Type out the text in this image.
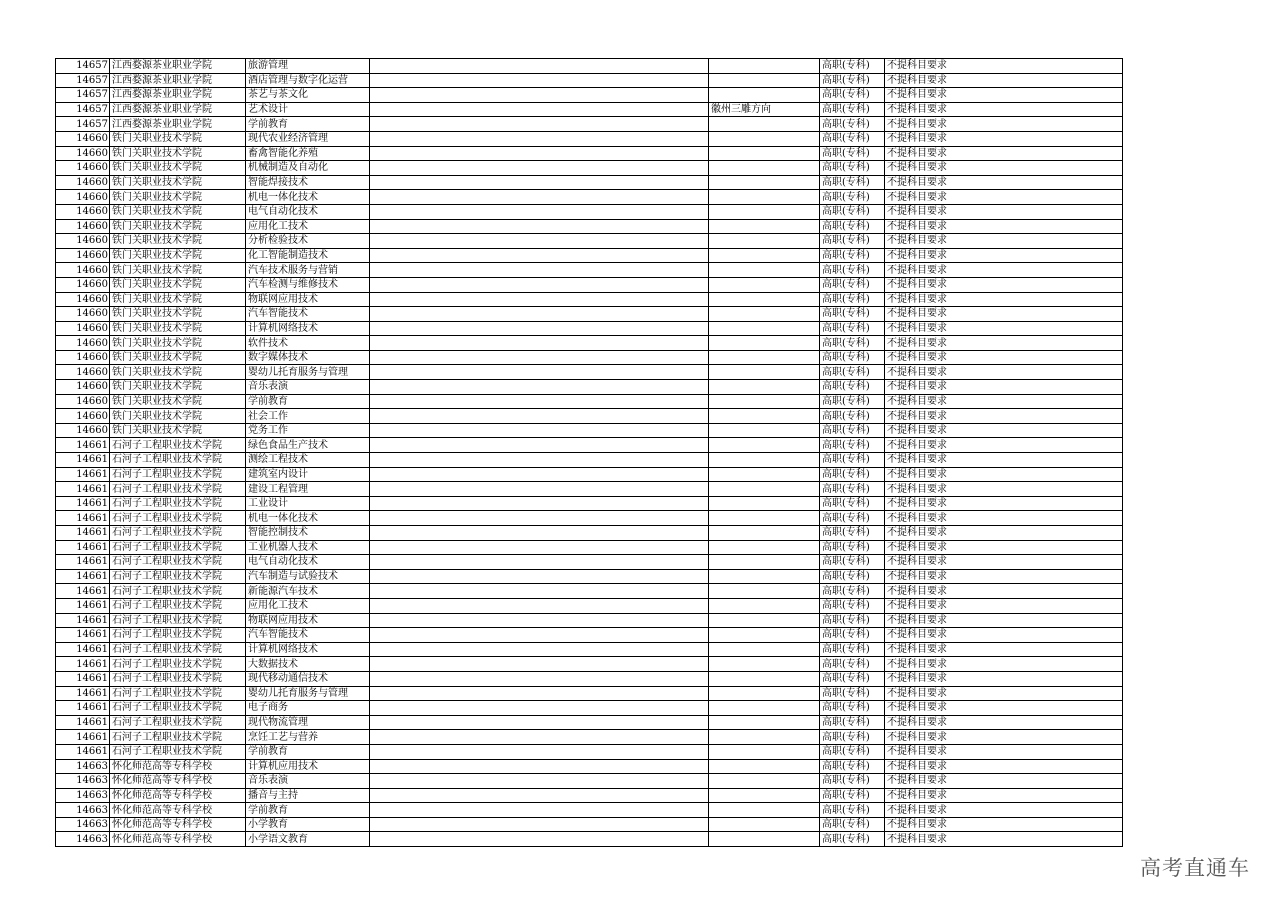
14657	江西婺源茶业职业学院	旅游管理			高职(专科)	不提科目要求
14657	江西婺源茶业职业学院	酒店管理与数字化运营			高职(专科)	不提科目要求
14657	江西婺源茶业职业学院	茶艺与茶文化			高职(专科)	不提科目要求
14657	江西婺源茶业职业学院	艺术设计		徽州三雕方向	高职(专科)	不提科目要求
14657	江西婺源茶业职业学院	学前教育			高职(专科)	不提科目要求
14660	铁门关职业技术学院	现代农业经济管理			高职(专科)	不提科目要求
14660	铁门关职业技术学院	畜禽智能化养殖			高职(专科)	不提科目要求
14660	铁门关职业技术学院	机械制造及自动化			高职(专科)	不提科目要求
14660	铁门关职业技术学院	智能焊接技术			高职(专科)	不提科目要求
14660	铁门关职业技术学院	机电一体化技术			高职(专科)	不提科目要求
14660	铁门关职业技术学院	电气自动化技术			高职(专科)	不提科目要求
14660	铁门关职业技术学院	应用化工技术			高职(专科)	不提科目要求
14660	铁门关职业技术学院	分析检验技术			高职(专科)	不提科目要求
14660	铁门关职业技术学院	化工智能制造技术			高职(专科)	不提科目要求
14660	铁门关职业技术学院	汽车技术服务与营销			高职(专科)	不提科目要求
14660	铁门关职业技术学院	汽车检测与维修技术			高职(专科)	不提科目要求
14660	铁门关职业技术学院	物联网应用技术			高职(专科)	不提科目要求
14660	铁门关职业技术学院	汽车智能技术			高职(专科)	不提科目要求
14660	铁门关职业技术学院	计算机网络技术			高职(专科)	不提科目要求
14660	铁门关职业技术学院	软件技术			高职(专科)	不提科目要求
14660	铁门关职业技术学院	数字媒体技术			高职(专科)	不提科目要求
14660	铁门关职业技术学院	婴幼儿托育服务与管理			高职(专科)	不提科目要求
14660	铁门关职业技术学院	音乐表演			高职(专科)	不提科目要求
14660	铁门关职业技术学院	学前教育			高职(专科)	不提科目要求
14660	铁门关职业技术学院	社会工作			高职(专科)	不提科目要求
14660	铁门关职业技术学院	党务工作			高职(专科)	不提科目要求
14661	石河子工程职业技术学院	绿色食品生产技术			高职(专科)	不提科目要求
14661	石河子工程职业技术学院	测绘工程技术			高职(专科)	不提科目要求
14661	石河子工程职业技术学院	建筑室内设计			高职(专科)	不提科目要求
14661	石河子工程职业技术学院	建设工程管理			高职(专科)	不提科目要求
14661	石河子工程职业技术学院	工业设计			高职(专科)	不提科目要求
14661	石河子工程职业技术学院	机电一体化技术			高职(专科)	不提科目要求
14661	石河子工程职业技术学院	智能控制技术			高职(专科)	不提科目要求
14661	石河子工程职业技术学院	工业机器人技术			高职(专科)	不提科目要求
14661	石河子工程职业技术学院	电气自动化技术			高职(专科)	不提科目要求
14661	石河子工程职业技术学院	汽车制造与试验技术			高职(专科)	不提科目要求
14661	石河子工程职业技术学院	新能源汽车技术			高职(专科)	不提科目要求
14661	石河子工程职业技术学院	应用化工技术			高职(专科)	不提科目要求
14661	石河子工程职业技术学院	物联网应用技术			高职(专科)	不提科目要求
14661	石河子工程职业技术学院	汽车智能技术			高职(专科)	不提科目要求
14661	石河子工程职业技术学院	计算机网络技术			高职(专科)	不提科目要求
14661	石河子工程职业技术学院	大数据技术			高职(专科)	不提科目要求
14661	石河子工程职业技术学院	现代移动通信技术			高职(专科)	不提科目要求
14661	石河子工程职业技术学院	婴幼儿托育服务与管理			高职(专科)	不提科目要求
14661	石河子工程职业技术学院	电子商务			高职(专科)	不提科目要求
14661	石河子工程职业技术学院	现代物流管理			高职(专科)	不提科目要求
14661	石河子工程职业技术学院	烹饪工艺与营养			高职(专科)	不提科目要求
14661	石河子工程职业技术学院	学前教育			高职(专科)	不提科目要求
14663	怀化师范高等专科学校	计算机应用技术			高职(专科)	不提科目要求
14663	怀化师范高等专科学校	音乐表演			高职(专科)	不提科目要求
14663	怀化师范高等专科学校	播音与主持			高职(专科)	不提科目要求
14663	怀化师范高等专科学校	学前教育			高职(专科)	不提科目要求
14663	怀化师范高等专科学校	小学教育			高职(专科)	不提科目要求
14663	怀化师范高等专科学校	小学语文教育			高职(专科)	不提科目要求
高考直通车
